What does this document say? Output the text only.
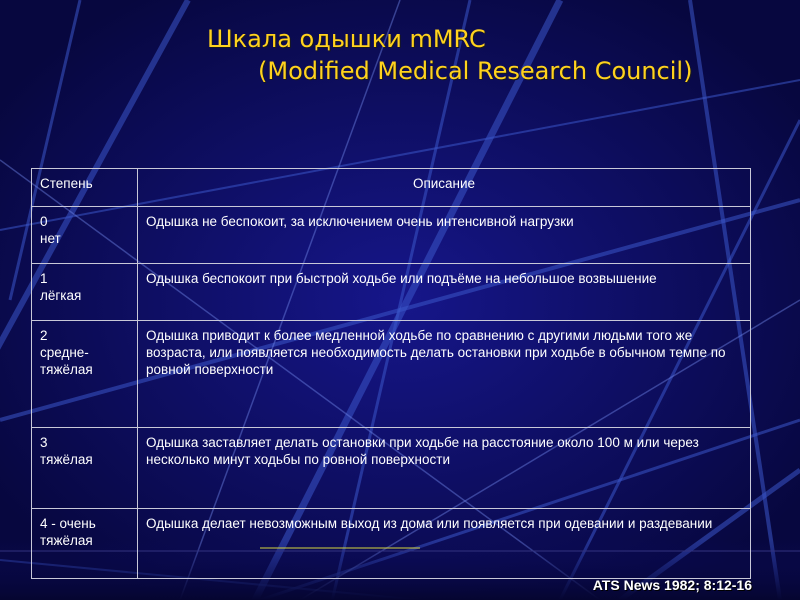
Шкала одышки mMRC
(Modified Medical Research Council)
Степень	Описание

0
нет	Одышка не беспокоит, за исключением очень интенсивной нагрузки

1
лёгкая	Одышка беспокоит при быстрой ходьбе или подъёме на небольшое возвышение

2
средне-тяжёлая	Одышка приводит к более медленной ходьбе по сравнению с другими людьми того же возраста, или появляется необходимость делать остановки при ходьбе в обычном темпе по ровной поверхности

3
тяжёлая	Одышка заставляет делать остановки при ходьбе на расстояние около 100 м или через несколько минут ходьбы по ровной поверхности

4 - очень
тяжёлая	Одышка делает невозможным выход из дома или появляется при одевании и раздевании
ATS News 1982; 8:12-16
